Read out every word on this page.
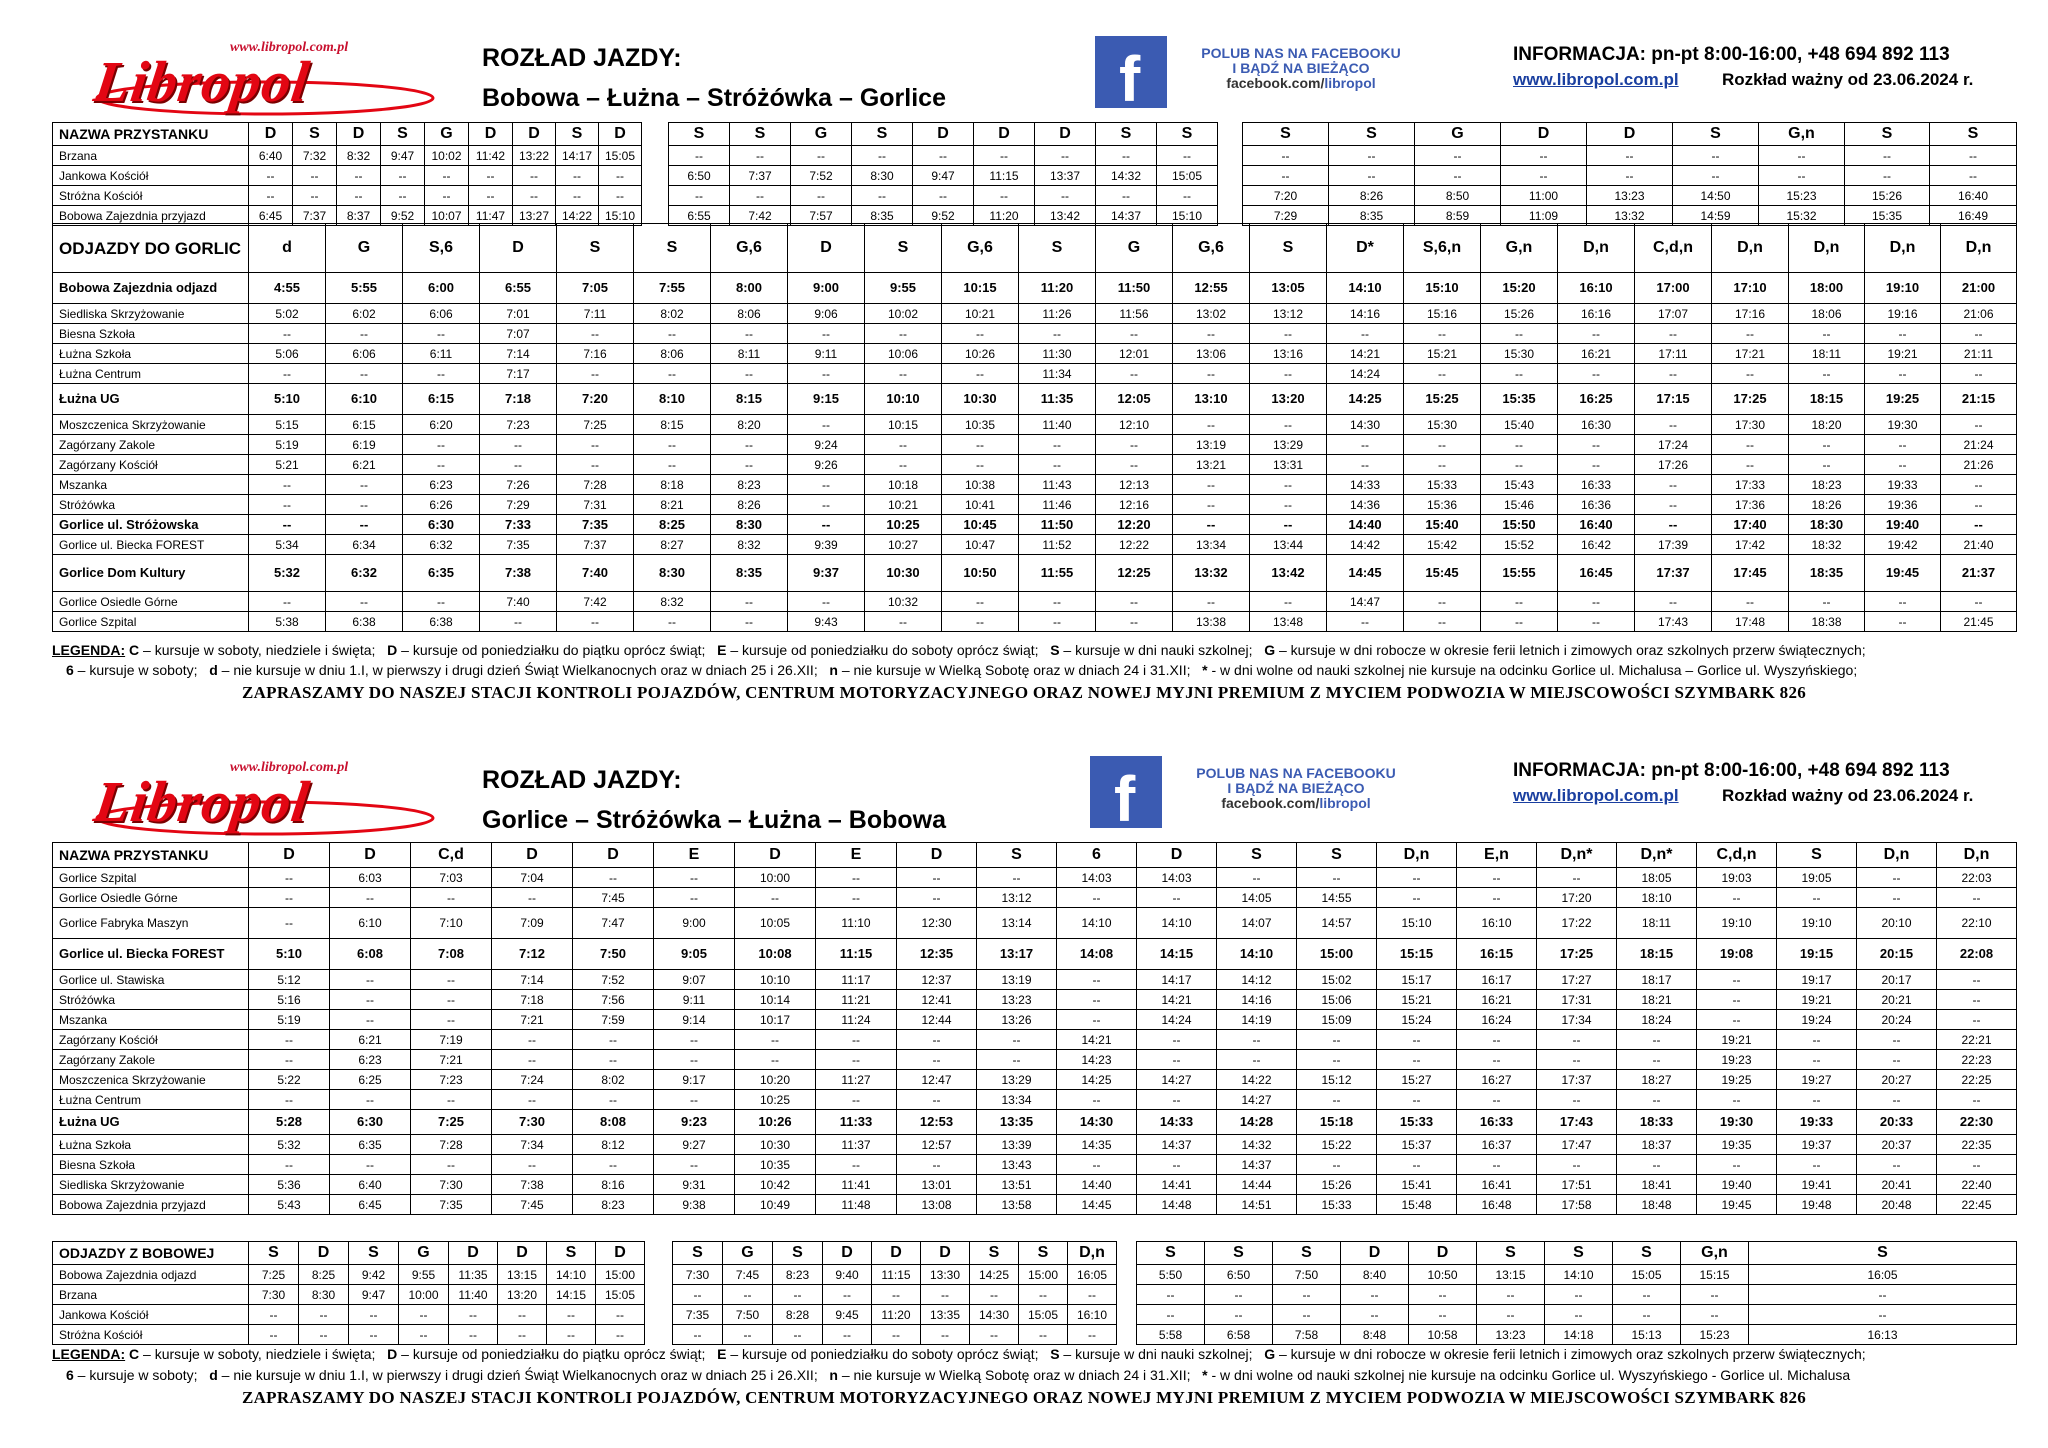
www.libropol.com.pl
Libropol	ROZŁAD JAZDY:
Bobowa – Łużna – Stróżówka – Gorlice	f	POLUB NAS NA FACEBOOKU
I BĄDŹ NA BIEŻĄCO
facebook.com/libropol
INFORMACJA: pn-pt 8:00-16:00, +48 694 892 113
www.libropol.com.pl	Rozkład ważny od 23.06.2024 r.
NAZWA PRZYSTANKU	D	S	D	S	G	D	D	S	D		S	S	G	S	D	D	D	S	S		S	S	G	D	D	S	G,n	S	S
Brzana	6:40	7:32	8:32	9:47	10:02	11:42	13:22	14:17	15:05		--	--	--	--	--	--	--	--	--		--	--	--	--	--	--	--	--	--
Jankowa Kościół	--	--	--	--	--	--	--	--	--		6:50	7:37	7:52	8:30	9:47	11:15	13:37	14:32	15:05		--	--	--	--	--	--	--	--	--
Stróżna Kościół	--	--	--	--	--	--	--	--	--		--	--	--	--	--	--	--	--	--		7:20	8:26	8:50	11:00	13:23	14:50	15:23	15:26	16:40
Bobowa Zajezdnia przyjazd	6:45	7:37	8:37	9:52	10:07	11:47	13:27	14:22	15:10		6:55	7:42	7:57	8:35	9:52	11:20	13:42	14:37	15:10		7:29	8:35	8:59	11:09	13:32	14:59	15:32	15:35	16:49
ODJAZDY DO GORLIC	d	G	S,6	D	S	S	G,6	D	S	G,6	S	G	G,6	S	D*	S,6,n	G,n	D,n	C,d,n	D,n	D,n	D,n	D,n
Bobowa Zajezdnia odjazd	4:55	5:55	6:00	6:55	7:05	7:55	8:00	9:00	9:55	10:15	11:20	11:50	12:55	13:05	14:10	15:10	15:20	16:10	17:00	17:10	18:00	19:10	21:00
Siedliska Skrzyżowanie	5:02	6:02	6:06	7:01	7:11	8:02	8:06	9:06	10:02	10:21	11:26	11:56	13:02	13:12	14:16	15:16	15:26	16:16	17:07	17:16	18:06	19:16	21:06
Biesna Szkoła	--	--	--	7:07	--	--	--	--	--	--	--	--	--	--	--	--	--	--	--	--	--	--	--
Łużna Szkoła	5:06	6:06	6:11	7:14	7:16	8:06	8:11	9:11	10:06	10:26	11:30	12:01	13:06	13:16	14:21	15:21	15:30	16:21	17:11	17:21	18:11	19:21	21:11
Łużna Centrum	--	--	--	7:17	--	--	--	--	--	--	11:34	--	--	--	14:24	--	--	--	--	--	--	--	--
Łużna UG	5:10	6:10	6:15	7:18	7:20	8:10	8:15	9:15	10:10	10:30	11:35	12:05	13:10	13:20	14:25	15:25	15:35	16:25	17:15	17:25	18:15	19:25	21:15
Moszczenica Skrzyżowanie	5:15	6:15	6:20	7:23	7:25	8:15	8:20	--	10:15	10:35	11:40	12:10	--	--	14:30	15:30	15:40	16:30	--	17:30	18:20	19:30	--
Zagórzany Zakole	5:19	6:19	--	--	--	--	--	9:24	--	--	--	--	13:19	13:29	--	--	--	--	17:24	--	--	--	21:24
Zagórzany Kościół	5:21	6:21	--	--	--	--	--	9:26	--	--	--	--	13:21	13:31	--	--	--	--	17:26	--	--	--	21:26
Mszanka	--	--	6:23	7:26	7:28	8:18	8:23	--	10:18	10:38	11:43	12:13	--	--	14:33	15:33	15:43	16:33	--	17:33	18:23	19:33	--
Stróżówka	--	--	6:26	7:29	7:31	8:21	8:26	--	10:21	10:41	11:46	12:16	--	--	14:36	15:36	15:46	16:36	--	17:36	18:26	19:36	--
Gorlice ul. Stróżowska	--	--	6:30	7:33	7:35	8:25	8:30	--	10:25	10:45	11:50	12:20	--	--	14:40	15:40	15:50	16:40	--	17:40	18:30	19:40	--
Gorlice ul. Biecka FOREST	5:34	6:34	6:32	7:35	7:37	8:27	8:32	9:39	10:27	10:47	11:52	12:22	13:34	13:44	14:42	15:42	15:52	16:42	17:39	17:42	18:32	19:42	21:40
Gorlice Dom Kultury	5:32	6:32	6:35	7:38	7:40	8:30	8:35	9:37	10:30	10:50	11:55	12:25	13:32	13:42	14:45	15:45	15:55	16:45	17:37	17:45	18:35	19:45	21:37
Gorlice Osiedle Górne	--	--	--	7:40	7:42	8:32	--	--	10:32	--	--	--	--	--	14:47	--	--	--	--	--	--	--	--
Gorlice Szpital	5:38	6:38	6:38	--	--	--	--	9:43	--	--	--	--	13:38	13:48	--	--	--	--	17:43	17:48	18:38	--	21:45
LEGENDA: C – kursuje w soboty, niedziele i święta; D – kursuje od poniedziałku do piątku oprócz świąt; E – kursuje od poniedziałku do soboty oprócz świąt; S – kursuje w dni nauki szkolnej; G – kursuje w dni robocze w okresie ferii letnich i zimowych oraz szkolnych przerw świątecznych;
6 – kursuje w soboty; d – nie kursuje w dniu 1.I, w pierwszy i drugi dzień Świąt Wielkanocnych oraz w dniach 25 i 26.XII; n – nie kursuje w Wielką Sobotę oraz w dniach 24 i 31.XII; * - w dni wolne od nauki szkolnej nie kursuje na odcinku Gorlice ul. Michalusa – Gorlice ul. Wyszyńskiego;
ZAPRASZAMY DO NASZEJ STACJI KONTROLI POJAZDÓW, CENTRUM MOTORYZACYJNEGO ORAZ NOWEJ MYJNI PREMIUM Z MYCIEM PODWOZIA W MIEJSCOWOŚCI SZYMBARK 826
www.libropol.com.pl
Libropol	ROZŁAD JAZDY:
Gorlice – Stróżówka – Łużna – Bobowa	f	POLUB NAS NA FACEBOOKU
I BĄDŹ NA BIEŻĄCO
facebook.com/libropol
INFORMACJA: pn-pt 8:00-16:00, +48 694 892 113
www.libropol.com.pl	Rozkład ważny od 23.06.2024 r.
NAZWA PRZYSTANKU	D	D	C,d	D	D	E	D	E	D	S	6	D	S	S	D,n	E,n	D,n*	D,n*	C,d,n	S	D,n	D,n
Gorlice Szpital	--	6:03	7:03	7:04	--	--	10:00	--	--	--	14:03	14:03	--	--	--	--	--	18:05	19:03	19:05	--	22:03
Gorlice Osiedle Górne	--	--	--	--	7:45	--	--	--	--	13:12	--	--	14:05	14:55	--	--	17:20	18:10	--	--	--	--
Gorlice Fabryka Maszyn	--	6:10	7:10	7:09	7:47	9:00	10:05	11:10	12:30	13:14	14:10	14:10	14:07	14:57	15:10	16:10	17:22	18:11	19:10	19:10	20:10	22:10
Gorlice ul. Biecka FOREST	5:10	6:08	7:08	7:12	7:50	9:05	10:08	11:15	12:35	13:17	14:08	14:15	14:10	15:00	15:15	16:15	17:25	18:15	19:08	19:15	20:15	22:08
Gorlice ul. Stawiska	5:12	--	--	7:14	7:52	9:07	10:10	11:17	12:37	13:19	--	14:17	14:12	15:02	15:17	16:17	17:27	18:17	--	19:17	20:17	--
Stróżówka	5:16	--	--	7:18	7:56	9:11	10:14	11:21	12:41	13:23	--	14:21	14:16	15:06	15:21	16:21	17:31	18:21	--	19:21	20:21	--
Mszanka	5:19	--	--	7:21	7:59	9:14	10:17	11:24	12:44	13:26	--	14:24	14:19	15:09	15:24	16:24	17:34	18:24	--	19:24	20:24	--
Zagórzany Kościół	--	6:21	7:19	--	--	--	--	--	--	--	14:21	--	--	--	--	--	--	--	19:21	--	--	22:21
Zagórzany Zakole	--	6:23	7:21	--	--	--	--	--	--	--	14:23	--	--	--	--	--	--	--	19:23	--	--	22:23
Moszczenica Skrzyżowanie	5:22	6:25	7:23	7:24	8:02	9:17	10:20	11:27	12:47	13:29	14:25	14:27	14:22	15:12	15:27	16:27	17:37	18:27	19:25	19:27	20:27	22:25
Łużna Centrum	--	--	--	--	--	--	10:25	--	--	13:34	--	--	14:27	--	--	--	--	--	--	--	--	--
Łużna UG	5:28	6:30	7:25	7:30	8:08	9:23	10:26	11:33	12:53	13:35	14:30	14:33	14:28	15:18	15:33	16:33	17:43	18:33	19:30	19:33	20:33	22:30
Łużna Szkoła	5:32	6:35	7:28	7:34	8:12	9:27	10:30	11:37	12:57	13:39	14:35	14:37	14:32	15:22	15:37	16:37	17:47	18:37	19:35	19:37	20:37	22:35
Biesna Szkoła	--	--	--	--	--	--	10:35	--	--	13:43	--	--	14:37	--	--	--	--	--	--	--	--	--
Siedliska Skrzyżowanie	5:36	6:40	7:30	7:38	8:16	9:31	10:42	11:41	13:01	13:51	14:40	14:41	14:44	15:26	15:41	16:41	17:51	18:41	19:40	19:41	20:41	22:40
Bobowa Zajezdnia przyjazd	5:43	6:45	7:35	7:45	8:23	9:38	10:49	11:48	13:08	13:58	14:45	14:48	14:51	15:33	15:48	16:48	17:58	18:48	19:45	19:48	20:48	22:45
ODJAZDY Z BOBOWEJ	S	D	S	G	D	D	S	D		S	G	S	D	D	D	S	S	D,n		S	S	S	D	D	S	S	S	G,n	S
Bobowa Zajezdnia odjazd	7:25	8:25	9:42	9:55	11:35	13:15	14:10	15:00		7:30	7:45	8:23	9:40	11:15	13:30	14:25	15:00	16:05		5:50	6:50	7:50	8:40	10:50	13:15	14:10	15:05	15:15	16:05
Brzana	7:30	8:30	9:47	10:00	11:40	13:20	14:15	15:05		--	--	--	--	--	--	--	--	--		--	--	--	--	--	--	--	--	--	--
Jankowa Kościół	--	--	--	--	--	--	--	--		7:35	7:50	8:28	9:45	11:20	13:35	14:30	15:05	16:10		--	--	--	--	--	--	--	--	--	--
Stróżna Kościół	--	--	--	--	--	--	--	--		--	--	--	--	--	--	--	--	--		5:58	6:58	7:58	8:48	10:58	13:23	14:18	15:13	15:23	16:13
LEGENDA: C – kursuje w soboty, niedziele i święta; D – kursuje od poniedziałku do piątku oprócz świąt; E – kursuje od poniedziałku do soboty oprócz świąt; S – kursuje w dni nauki szkolnej; G – kursuje w dni robocze w okresie ferii letnich i zimowych oraz szkolnych przerw świątecznych;
6 – kursuje w soboty; d – nie kursuje w dniu 1.I, w pierwszy i drugi dzień Świąt Wielkanocnych oraz w dniach 25 i 26.XII; n – nie kursuje w Wielką Sobotę oraz w dniach 24 i 31.XII; * - w dni wolne od nauki szkolnej nie kursuje na odcinku Gorlice ul. Wyszyńskiego - Gorlice ul. Michalusa
ZAPRASZAMY DO NASZEJ STACJI KONTROLI POJAZDÓW, CENTRUM MOTORYZACYJNEGO ORAZ NOWEJ MYJNI PREMIUM Z MYCIEM PODWOZIA W MIEJSCOWOŚCI SZYMBARK 826
